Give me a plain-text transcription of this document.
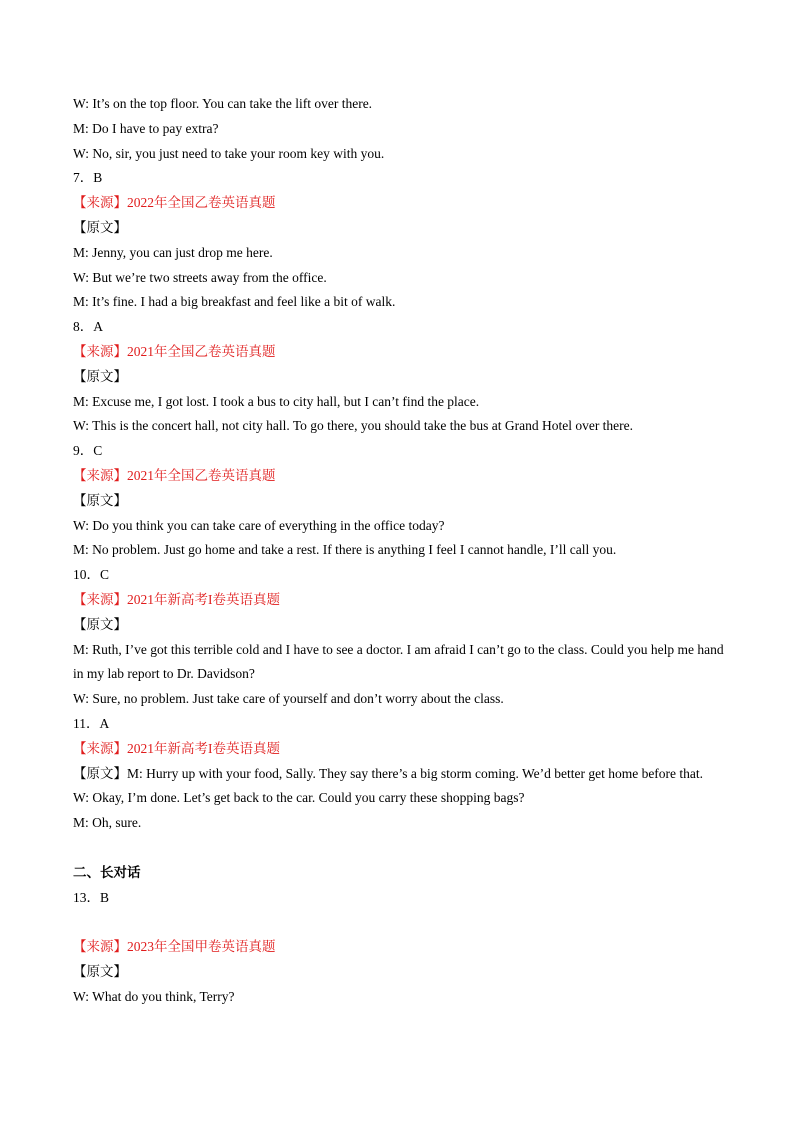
W: It’s on the top floor. You can take the lift over there.
M: Do I have to pay extra?
W: No, sir, you just need to take your room key with you.
7．B
【来源】2022年全国乙卷英语真题
【原文】
M: Jenny, you can just drop me here.
W: But we’re two streets away from the office.
M: It’s fine. I had a big breakfast and feel like a bit of walk.
8．A
【来源】2021年全国乙卷英语真题
【原文】
M: Excuse me, I got lost. I took a bus to city hall, but I can’t find the place.
W: This is the concert hall, not city hall. To go there, you should take the bus at Grand Hotel over there.
9．C
【来源】2021年全国乙卷英语真题
【原文】
W: Do you think you can take care of everything in the office today?
M: No problem. Just go home and take a rest. If there is anything I feel I cannot handle, I’ll call you.
10．C
【来源】2021年新高考I卷英语真题
【原文】
M: Ruth, I’ve got this terrible cold and I have to see a doctor. I am afraid I can’t go to the class. Could you help me hand in my lab report to Dr. Davidson?
W: Sure, no problem. Just take care of yourself and don’t worry about the class.
11．A
【来源】2021年新高考I卷英语真题
【原文】M: Hurry up with your food, Sally. They say there’s a big storm coming. We’d better get home before that.
W: Okay, I’m done. Let’s get back to the car. Could you carry these shopping bags?
M: Oh, sure.
二、长对话
13．B
【来源】2023年全国甲卷英语真题
【原文】
W: What do you think, Terry?
